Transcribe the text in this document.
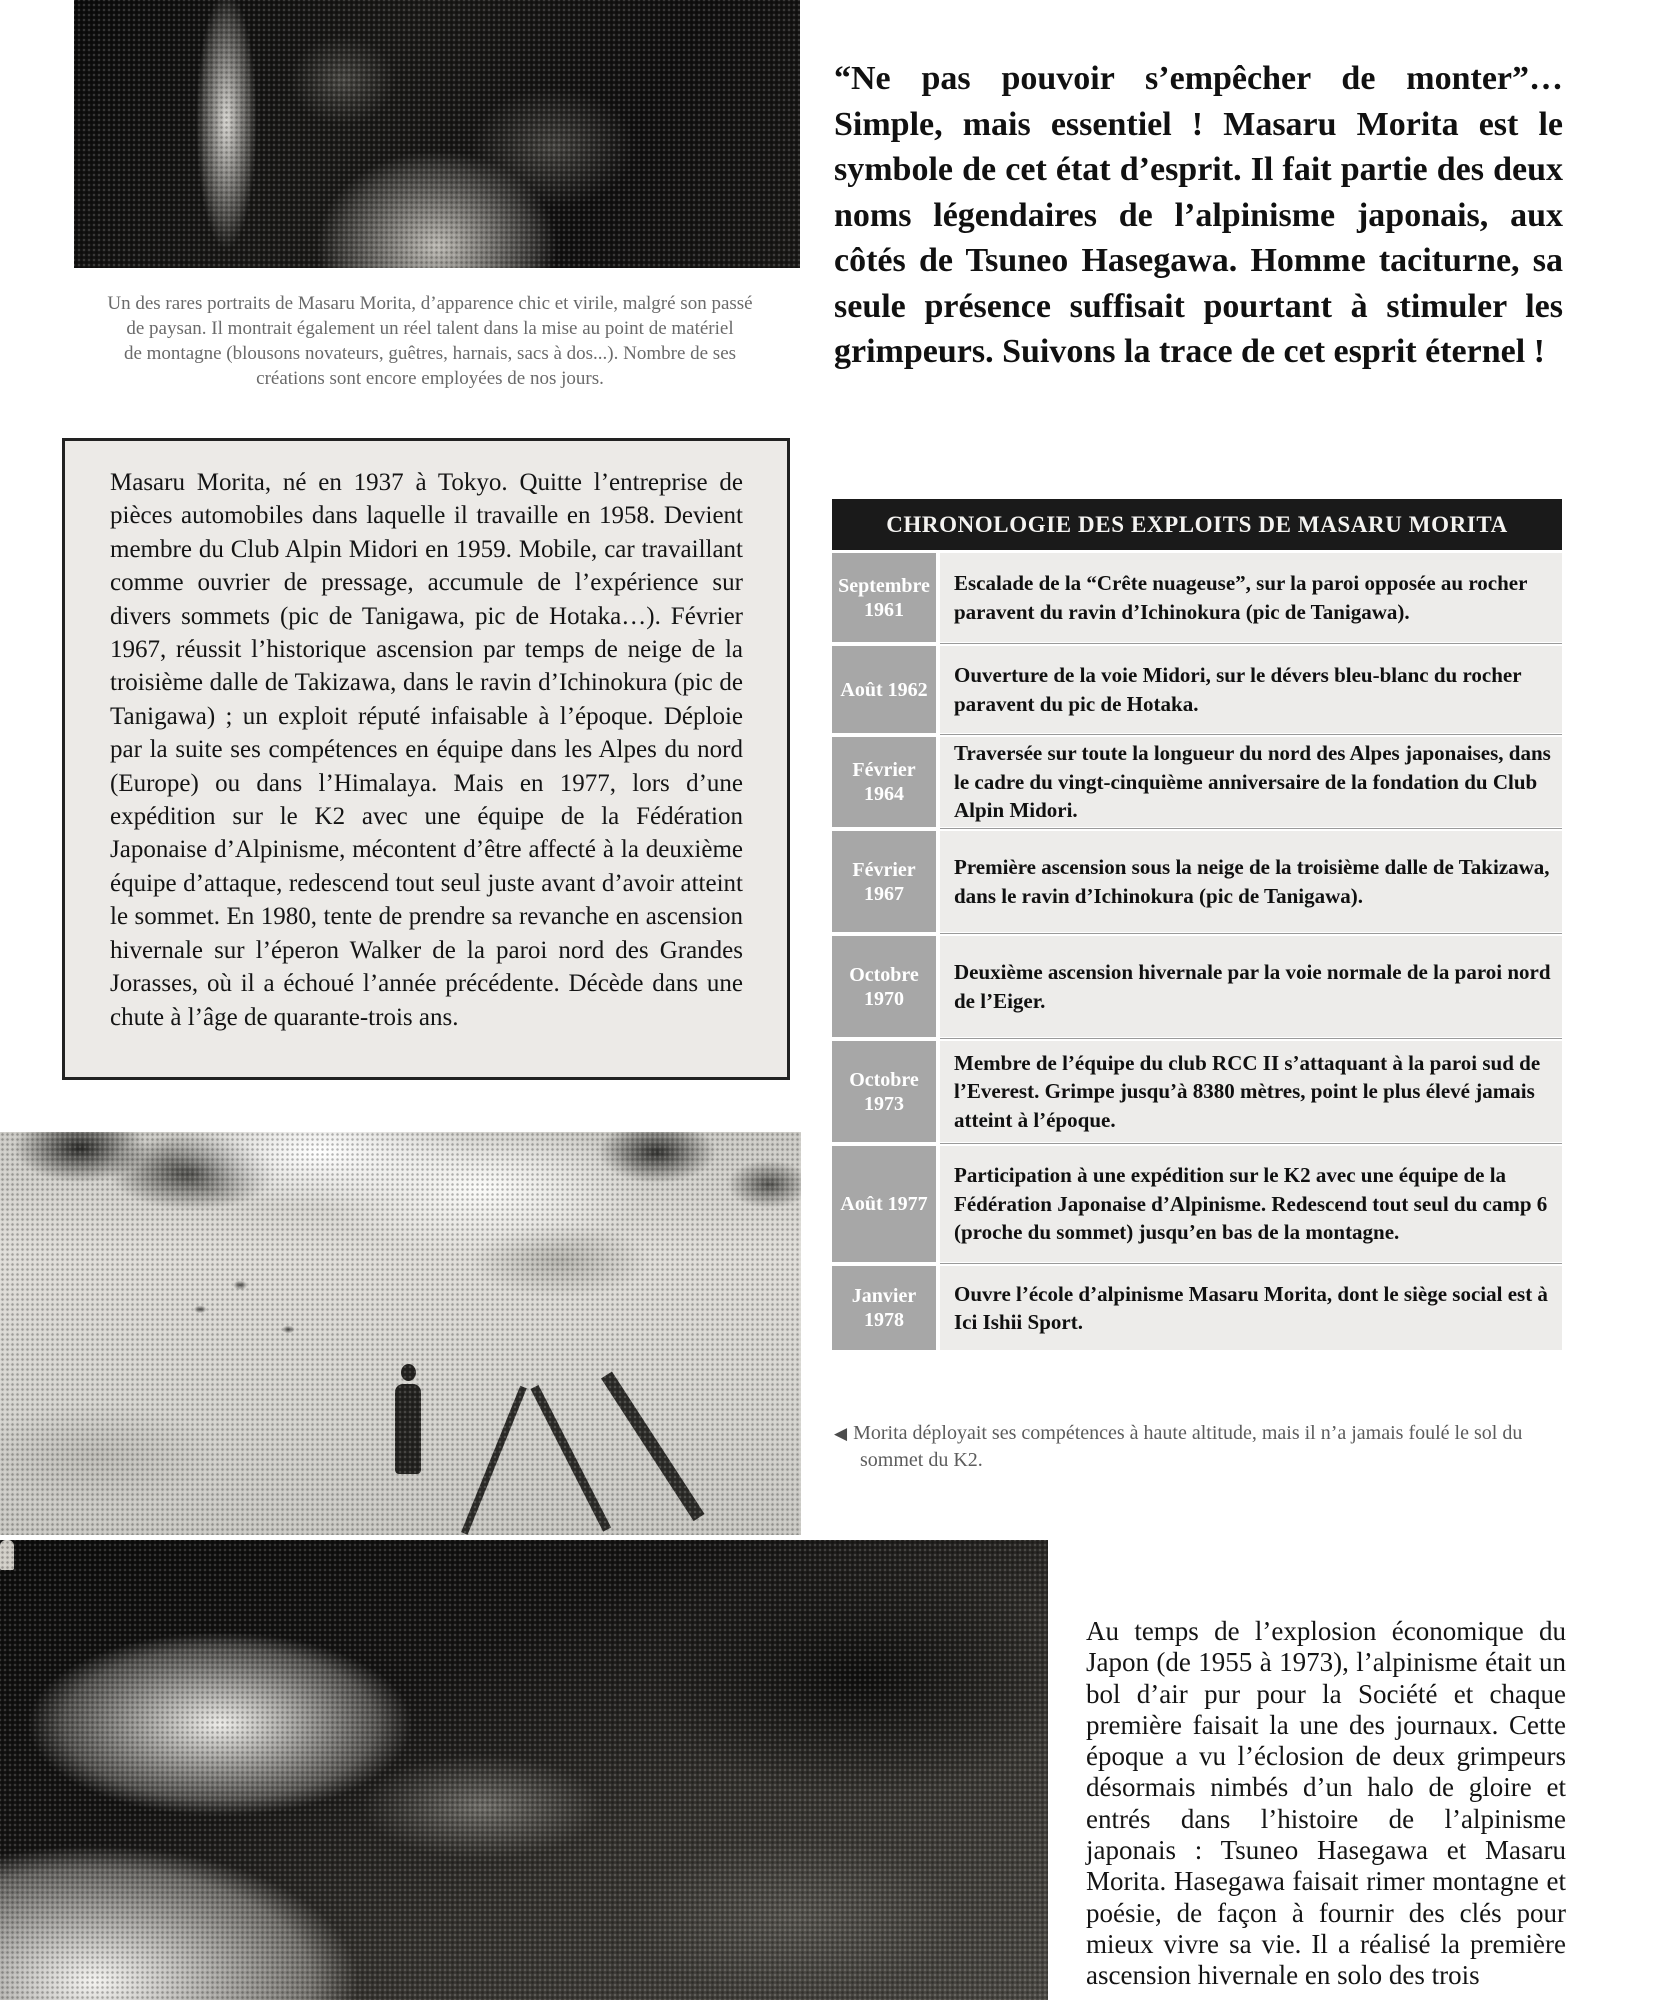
Un des rares portraits de Masaru Morita, d’apparence chic et virile, malgré son passé
de paysan. Il montrait également un réel talent dans la mise au point de matériel
de montagne (blousons novateurs, guêtres, harnais, sacs à dos...). Nombre de ses
créations sont encore employées de nos jours.
“Ne pas pouvoir s’empêcher de monter”… Simple, mais essentiel ! Masaru Morita est le symbole de cet état d’esprit. Il fait partie des deux noms légendaires de l’alpinisme japonais, aux côtés de Tsuneo Hasegawa. Homme taciturne, sa seule présence suffisait pourtant à stimuler les grimpeurs. Suivons la trace de cet esprit éternel !
Masaru Morita, né en 1937 à Tokyo. Quitte l’entreprise de pièces automobiles dans laquelle il travaille en 1958. Devient membre du Club Alpin Midori en 1959. Mobile, car travaillant comme ouvrier de pressage, accumule de l’expérience sur divers sommets (pic de Tanigawa, pic de Hotaka…). Février 1967, réussit l’historique ascension par temps de neige de la troisième dalle de Takizawa, dans le ravin d’Ichinokura (pic de Tanigawa) ; un exploit réputé infaisable à l’époque. Déploie par la suite ses compétences en équipe dans les Alpes du nord (Europe) ou dans l’Himalaya. Mais en 1977, lors d’une expédition sur le K2 avec une équipe de la Fédération Japonaise d’Alpinisme, mécontent d’être affecté à la deuxième équipe d’attaque, redescend tout seul juste avant d’avoir atteint le sommet. En 1980, tente de prendre sa revanche en ascension hivernale sur l’éperon Walker de la paroi nord des Grandes Jorasses, où il a échoué l’année précédente. Décède dans une chute à l’âge de quarante-trois ans.
CHRONOLOGIE DES EXPLOITS DE MASARU MORITA
Septembre 1961
Escalade de la “Crête nuageuse”, sur la paroi opposée au rocher paravent du ravin d’Ichinokura (pic de Tanigawa).
Août 1962
Ouverture de la voie Midori, sur le dévers bleu-blanc du rocher paravent du pic de Hotaka.
Février 1964
Traversée sur toute la longueur du nord des Alpes japonaises, dans le cadre du vingt-cinquième anniversaire de la fondation du Club Alpin Midori.
Février 1967
Première ascension sous la neige de la troisième dalle de Takizawa, dans le ravin d’Ichinokura (pic de Tanigawa).
Octobre 1970
Deuxième ascension hivernale par la voie normale de la paroi nord de l’Eiger.
Octobre 1973
Membre de l’équipe du club RCC II s’attaquant à la paroi sud de l’Everest. Grimpe jusqu’à 8380 mètres, point le plus élevé jamais atteint à l’époque.
Août 1977
Participation à une expédition sur le K2 avec une équipe de la Fédération Japonaise d’Alpinisme. Redescend tout seul du camp 6 (proche du sommet) jusqu’en bas de la montagne.
Janvier 1978
Ouvre l’école d’alpinisme Masaru Morita, dont le siège social est à Ici Ishii Sport.
◀ Morita déployait ses compétences à haute altitude, mais il n’a jamais foulé le sol du sommet du K2.
Au temps de l’explosion économique du Japon (de 1955 à 1973), l’alpinisme était un bol d’air pur pour la Société et chaque première faisait la une des journaux. Cette époque a vu l’éclosion de deux grimpeurs désormais nimbés d’un halo de gloire et entrés dans l’histoire de l’alpinisme japonais : Tsuneo Hasegawa et Masaru Morita. Hasegawa faisait rimer montagne et poésie, de façon à fournir des clés pour mieux vivre sa vie. Il a réalisé la première ascension hivernale en solo des trois
